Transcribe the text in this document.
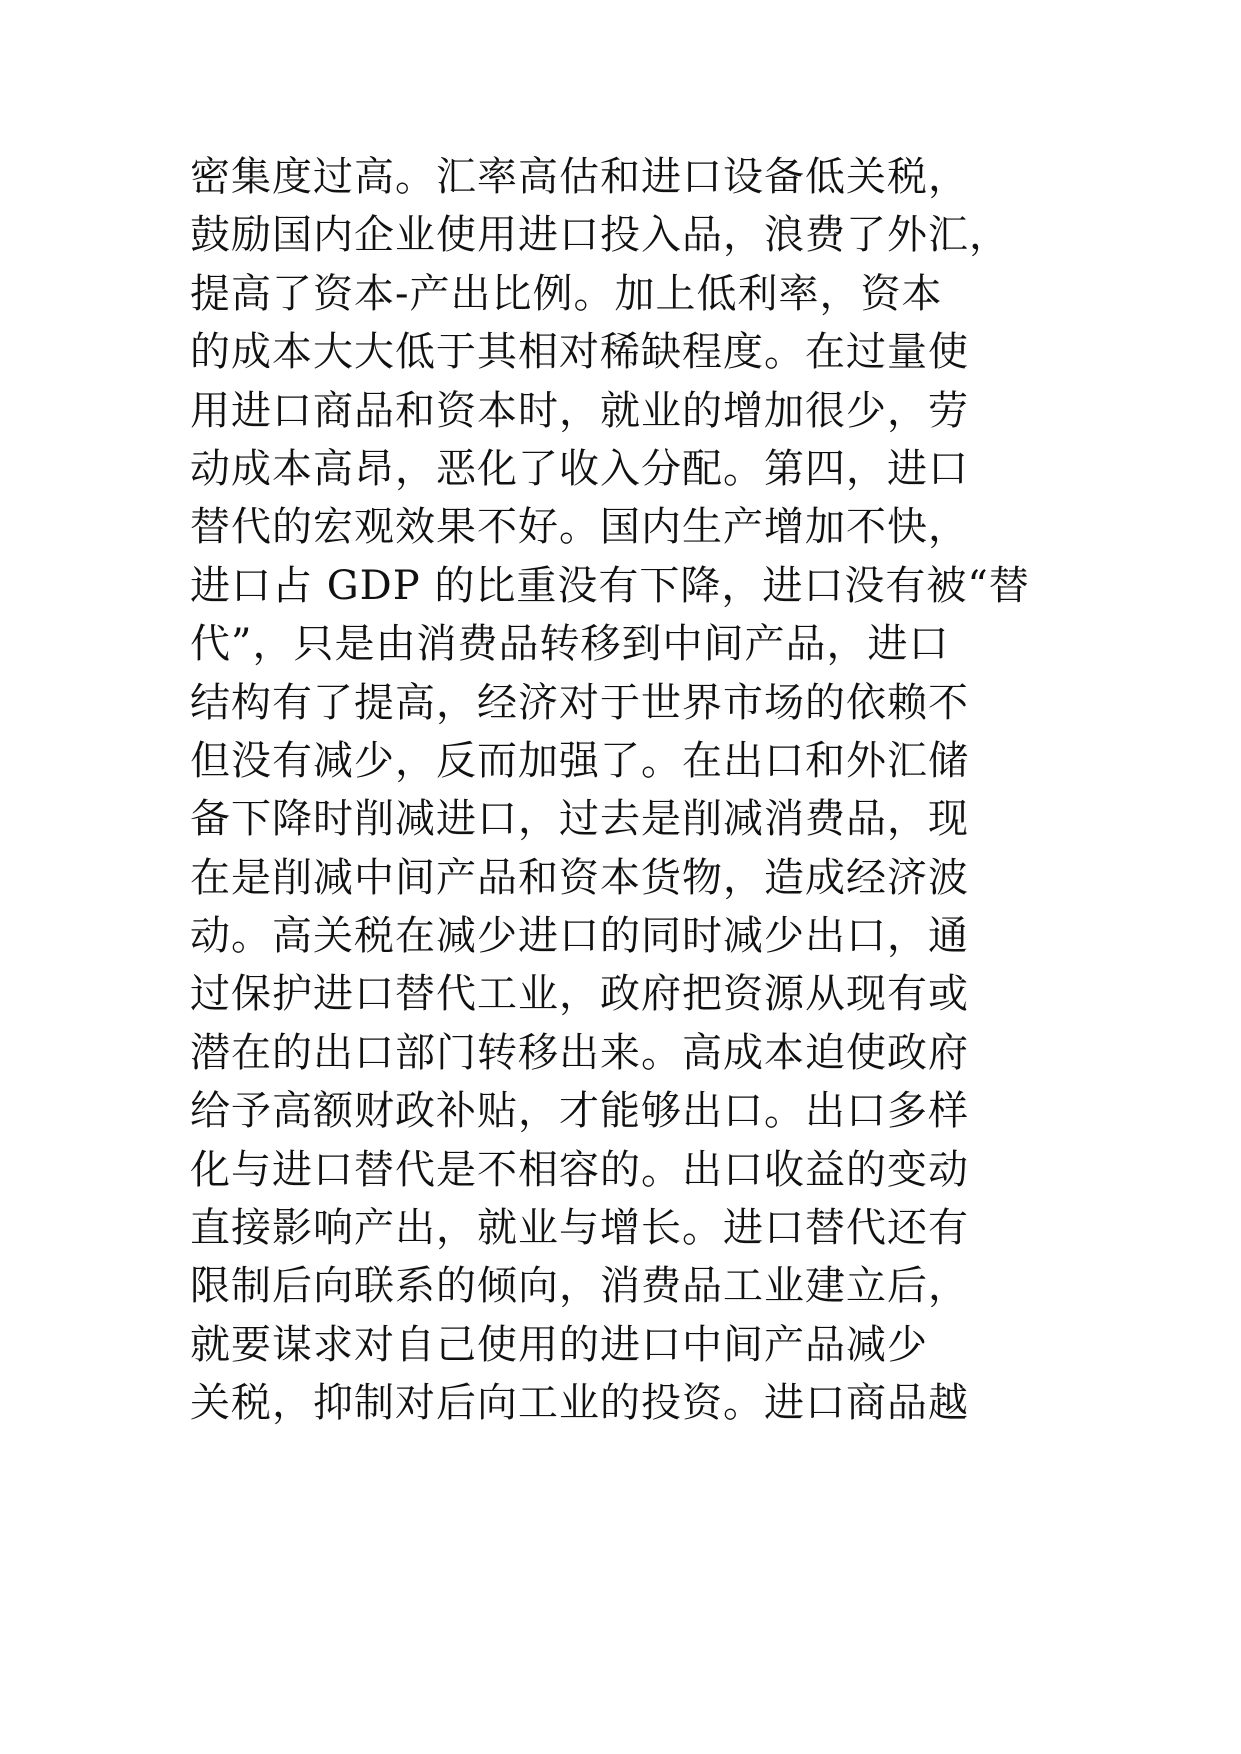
密集度过高。汇率高估和进口设备低关税，
鼓励国内企业使用进口投入品，浪费了外汇，
提高了资本-产出比例。加上低利率，资本
的成本大大低于其相对稀缺程度。在过量使
用进口商品和资本时，就业的增加很少，劳
动成本高昂，恶化了收入分配。第四，进口
替代的宏观效果不好。国内生产增加不快，
进口占 GDP 的比重没有下降，进口没有被“替
代”，只是由消费品转移到中间产品，进口
结构有了提高，经济对于世界市场的依赖不
但没有减少，反而加强了。在出口和外汇储
备下降时削减进口，过去是削减消费品，现
在是削减中间产品和资本货物，造成经济波
动。高关税在减少进口的同时减少出口，通
过保护进口替代工业，政府把资源从现有或
潜在的出口部门转移出来。高成本迫使政府
给予高额财政补贴，才能够出口。出口多样
化与进口替代是不相容的。出口收益的变动
直接影响产出，就业与增长。进口替代还有
限制后向联系的倾向，消费品工业建立后，
就要谋求对自己使用的进口中间产品减少
关税，抑制对后向工业的投资。进口商品越
